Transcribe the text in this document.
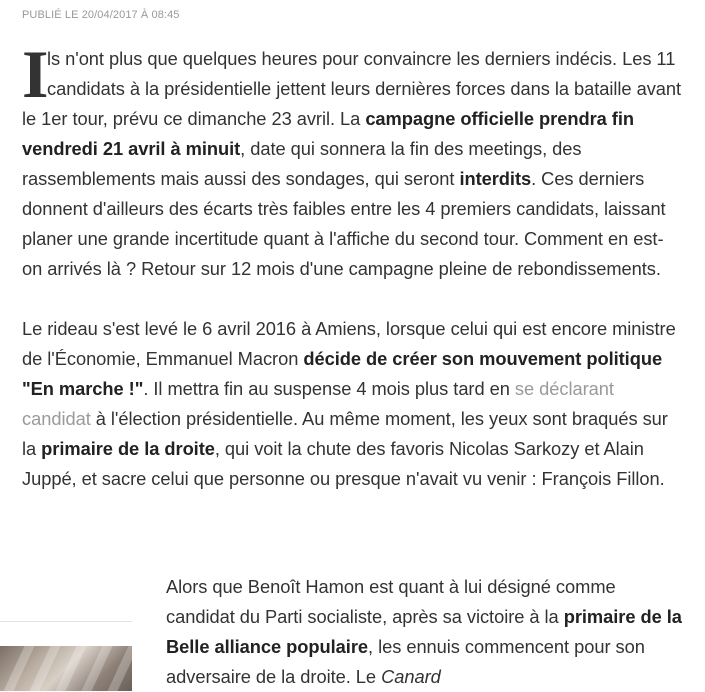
PUBLIÉ LE 20/04/2017 À 08:45

I
ls n'ont plus que quelques heures pour convaincre les derniers indécis. Les 11 candidats à la présidentielle jettent leurs dernières forces dans la bataille avant le 1er tour, prévu ce dimanche 23 avril. La campagne officielle prendra fin vendredi 21 avril à minuit, date qui sonnera la fin des meetings, des rassemblements mais aussi des sondages, qui seront interdits. Ces derniers donnent d'ailleurs des écarts très faibles entre les 4 premiers candidats, laissant planer une grande incertitude quant à l'affiche du second tour. Comment en est-on arrivés là ? Retour sur 12 mois d'une campagne pleine de rebondissements.

Le rideau s'est levé le 6 avril 2016 à Amiens, lorsque celui qui est encore ministre de l'Économie, Emmanuel Macron décide de créer son mouvement politique "En marche !". Il mettra fin au suspense 4 mois plus tard en se déclarant candidat à l'élection présidentielle. Au même moment, les yeux sont braqués sur la primaire de la droite, qui voit la chute des favoris Nicolas Sarkozy et Alain Juppé, et sacre celui que personne ou presque n'avait vu venir : François Fillon.

Alors que Benoît Hamon est quant à lui désigné comme candidat du Parti socialiste, après sa victoire à la primaire de la Belle alliance populaire, les ennuis commencent pour son adversaire de la droite. Le Canard
